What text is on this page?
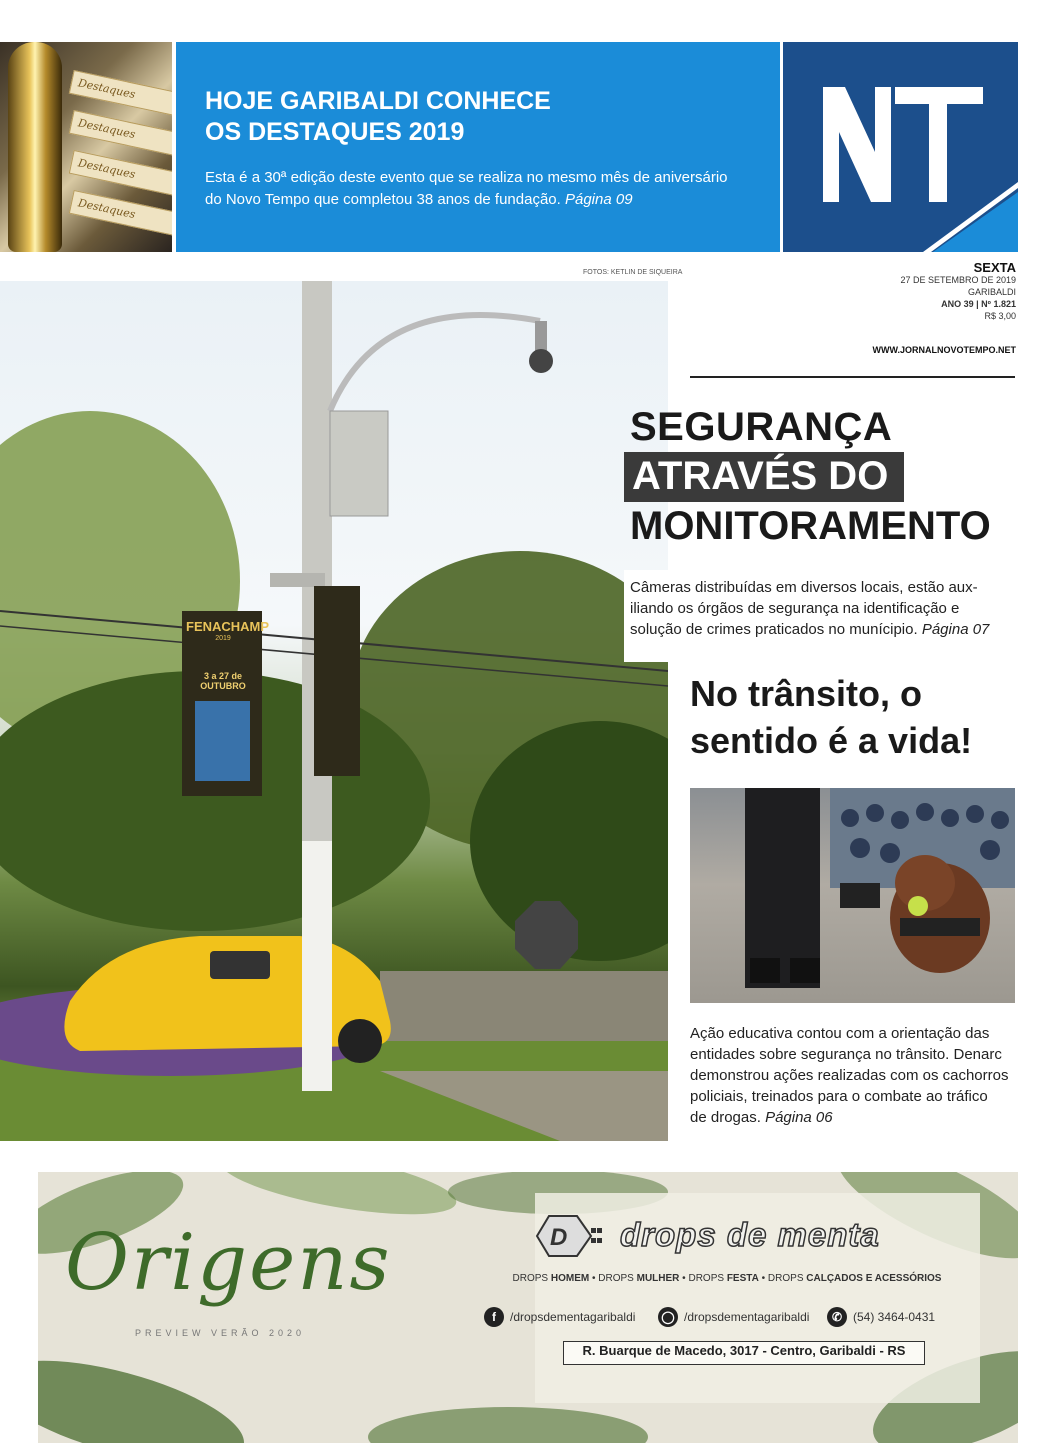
Destaques
Destaques
Destaques
Destaques
HOJE GARIBALDI CONHECE
OS DESTAQUES 2019
Esta é a 30ª edição deste evento que se realiza no mesmo mês de aniversário
do Novo Tempo que completou 38 anos de fundação. Página 09
FOTOS: KETLIN DE SIQUEIRA	SEXTA
27 DE SETEMBRO DE 2019
GARIBALDI
ANO 39 | Nº 1.821
R$ 3,00
WWW.JORNALNOVOTEMPO.NET
FENACHAMP
2019
3 a 27 de OUTUBRO
SEGURANÇA
ATRAVÉS DO
MONITORAMENTO
Câmeras distribuídas em diversos locais, estão aux-
iliando os órgãos de segurança na identificação e
solução de crimes praticados no munícipio. Página 07
No trânsito, o
sentido é a vida!
Ação educativa contou com a orientação das
entidades sobre segurança no trânsito. Denarc
demonstrou ações realizadas com os cachorros
policiais, treinados para o combate ao tráfico
de drogas. Página 06
Origens
PREVIEW VERÃO 2020
D drops de menta
DROPS HOMEM • DROPS MULHER • DROPS FESTA • DROPS CALÇADOS E ACESSÓRIOS
f	/dropsdementagaribaldi ◯ /dropsdementagaribaldi	✆ (54) 3464-0431
R. Buarque de Macedo, 3017 - Centro, Garibaldi - RS
